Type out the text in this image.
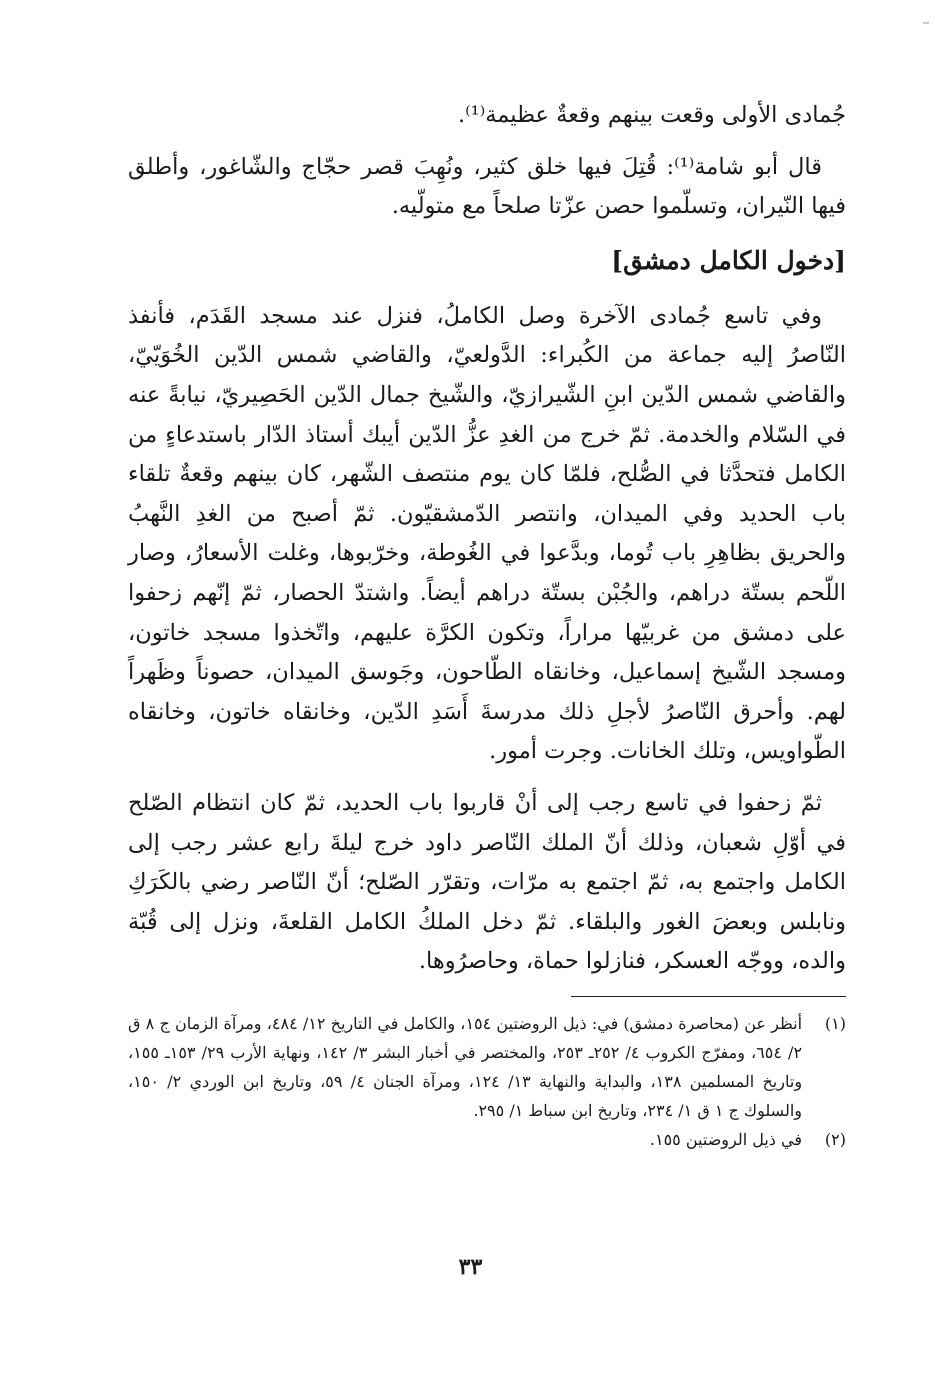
جُمادى الأولى وقعت بينهم وقعةٌ عظيمة⁽¹⁾.

قال أبو شامة⁽¹⁾: قُتِلَ فيها خلق كثير، ونُهِبَ قصر حجّاج والشّاغور، وأطلق فيها النّيران، وتسلّموا حصن عزّتا صلحاً مع متولّيه.

[دخول الكامل دمشق]

وفي تاسع جُمادى الآخرة وصل الكاملُ، فنزل عند مسجد القَدَم، فأنفذ النّاصرُ إليه جماعة من الكُبراء: الدَّولعيّ، والقاضي شمس الدّين الخُوَيّيّ، والقاضي شمس الدّين ابنِ الشّيرازيّ، والشّيخ جمال الدّين الحَصِيريّ، نيابةً عنه في السّلام والخدمة. ثمّ خرج من الغدِ عزُّ الدّين أيبك أستاذ الدّار باستدعاءٍ من الكامل فتحدَّثا في الصُّلح، فلمّا كان يوم منتصف الشّهر، كان بينهم وقعةٌ تلقاء باب الحديد وفي الميدان، وانتصر الدّمشقيّون. ثمّ أصبح من الغدِ النَّهبُ والحريق بظاهِرِ باب تُوما، وبدَّعوا في الغُوطة، وخرّبوها، وغلت الأسعارُ، وصار اللّحم بستّة دراهم، والجُبْن بستّة دراهم أيضاً. واشتدّ الحصار، ثمّ إنّهم زحفوا على دمشق من غربيّها مراراً، وتكون الكرَّة عليهم، واتّخذوا مسجد خاتون، ومسجد الشّيخ إسماعيل، وخانقاه الطّاحون، وجَوسق الميدان، حصوناً وظَهراً لهم. وأحرق النّاصرُ لأجلِ ذلك مدرسةَ أَسَدِ الدّين، وخانقاه خاتون، وخانقاه الطّواويس، وتلك الخانات. وجرت أمور.

ثمّ زحفوا في تاسع رجب إلى أنْ قاربوا باب الحديد، ثمّ كان انتظام الصّلح في أوّلِ شعبان، وذلك أنّ الملك النّاصر داود خرج ليلةَ رابع عشر رجب إلى الكامل واجتمع به، ثمّ اجتمع به مرّات، وتقرّر الصّلح؛ أنّ النّاصر رضي بالكَرَكِ ونابلس وبعضَ الغور والبلقاء. ثمّ دخل الملكُ الكامل القلعةَ، ونزل إلى قُبّة والده، ووجّه العسكر، فنازلوا حماة، وحاصرُوها.

(١)
أنظر عن (محاصرة دمشق) في: ذيل الروضتين ١٥٤، والكامل في التاريخ ١٢/ ٤٨٤، ومرآة الزمان ج ٨ ق ٢/ ٦٥٤، ومفرّج الكروب ٤/ ٢٥٢ـ ٢٥٣، والمختصر في أخبار البشر ٣/ ١٤٢، ونهاية الأرب ٢٩/ ١٥٣ـ ١٥٥، وتاريخ المسلمين ١٣٨، والبداية والنهاية ١٣/ ١٢٤، ومرآة الجنان ٤/ ٥٩، وتاريخ ابن الوردي ٢/ ١٥٠، والسلوك ج ١ ق ١/ ٢٣٤، وتاريخ ابن سباط ١/ ٢٩٥.
(٢)
في ذيل الروضتين ١٥٥.
٣٣
